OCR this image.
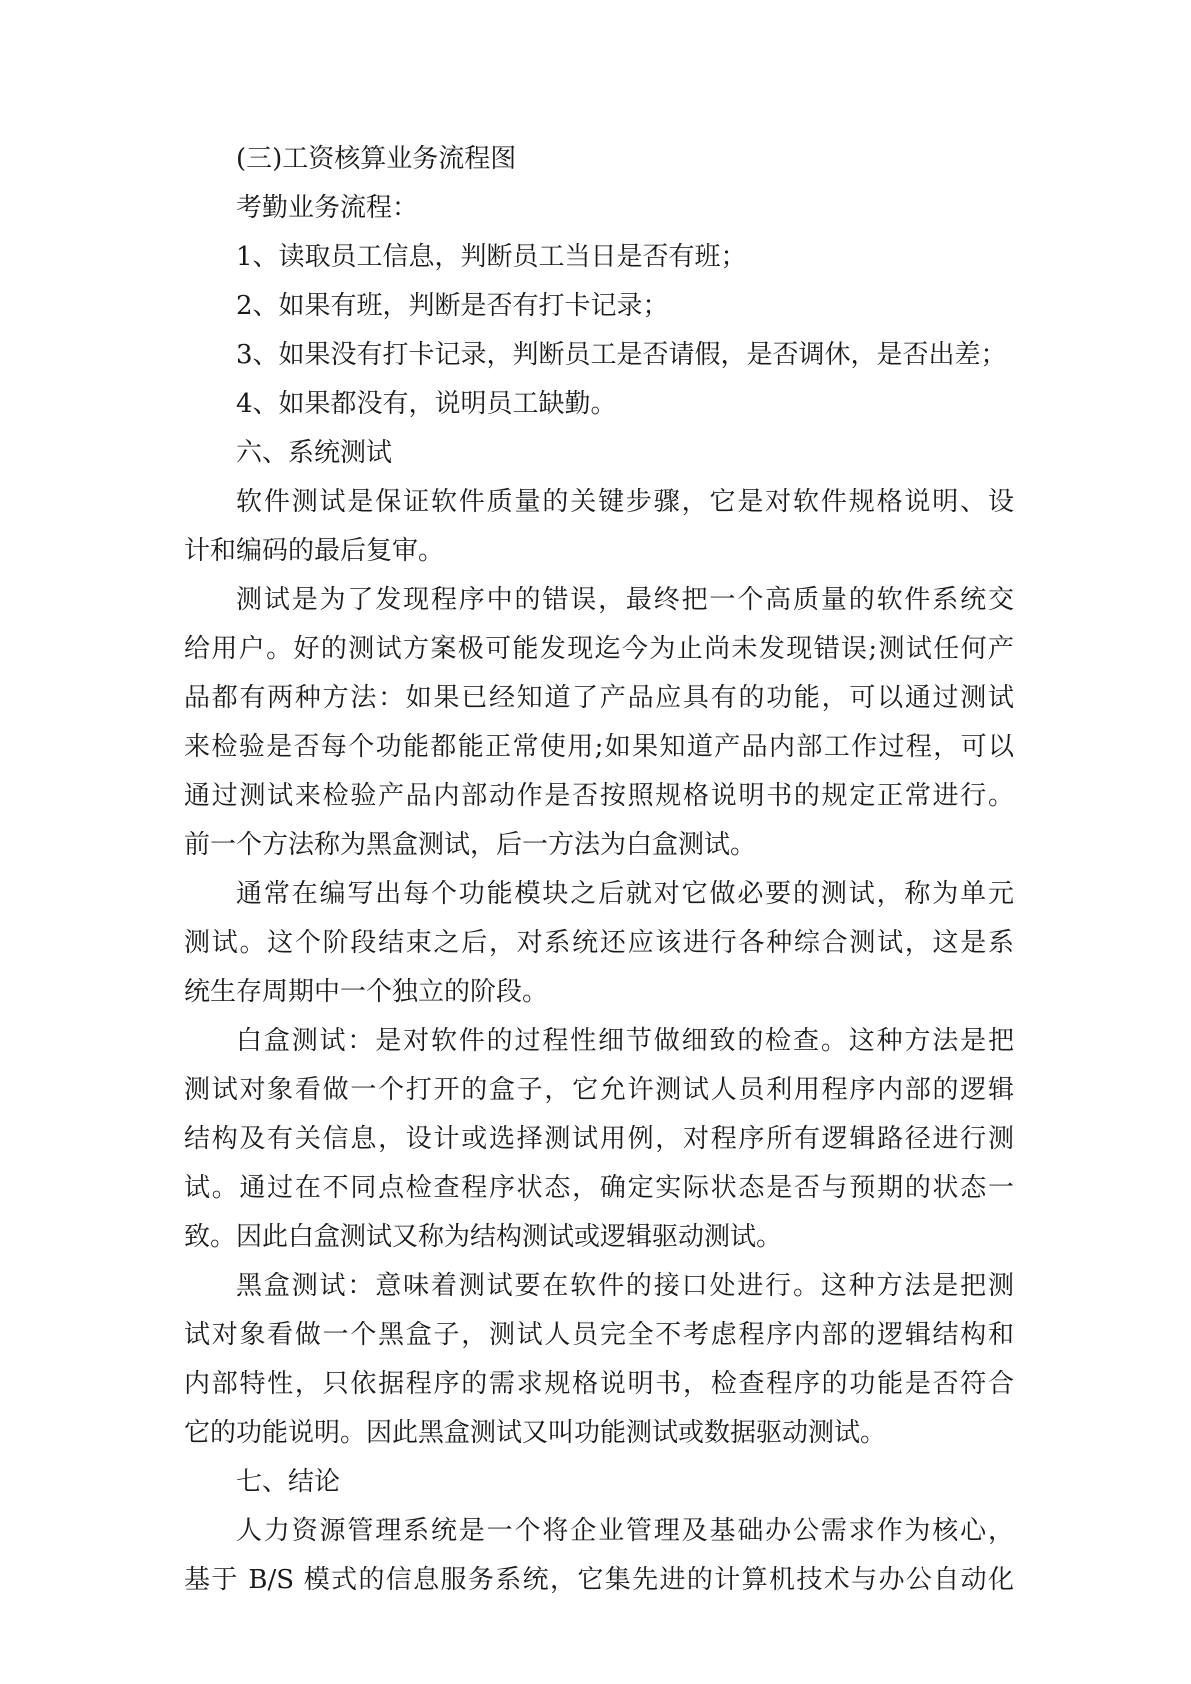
(三)工资核算业务流程图
考勤业务流程：
1、读取员工信息，判断员工当日是否有班；
2、如果有班，判断是否有打卡记录；
3、如果没有打卡记录，判断员工是否请假，是否调休，是否出差；
4、如果都没有，说明员工缺勤。
六、系统测试
软件测试是保证软件质量的关键步骤，它是对软件规格说明、设
计和编码的最后复审。
测试是为了发现程序中的错误，最终把一个高质量的软件系统交
给用户。好的测试方案极可能发现迄今为止尚未发现错误;测试任何产
品都有两种方法：如果已经知道了产品应具有的功能，可以通过测试
来检验是否每个功能都能正常使用;如果知道产品内部工作过程，可以
通过测试来检验产品内部动作是否按照规格说明书的规定正常进行。
前一个方法称为黑盒测试，后一方法为白盒测试。
通常在编写出每个功能模块之后就对它做必要的测试，称为单元
测试。这个阶段结束之后，对系统还应该进行各种综合测试，这是系
统生存周期中一个独立的阶段。
白盒测试：是对软件的过程性细节做细致的检查。这种方法是把
测试对象看做一个打开的盒子，它允许测试人员利用程序内部的逻辑
结构及有关信息，设计或选择测试用例，对程序所有逻辑路径进行测
试。通过在不同点检查程序状态，确定实际状态是否与预期的状态一
致。因此白盒测试又称为结构测试或逻辑驱动测试。
黑盒测试：意味着测试要在软件的接口处进行。这种方法是把测
试对象看做一个黑盒子，测试人员完全不考虑程序内部的逻辑结构和
内部特性，只依据程序的需求规格说明书，检查程序的功能是否符合
它的功能说明。因此黑盒测试又叫功能测试或数据驱动测试。
七、结论
人力资源管理系统是一个将企业管理及基础办公需求作为核心，
基于 B/S 模式的信息服务系统，它集先进的计算机技术与办公自动化
